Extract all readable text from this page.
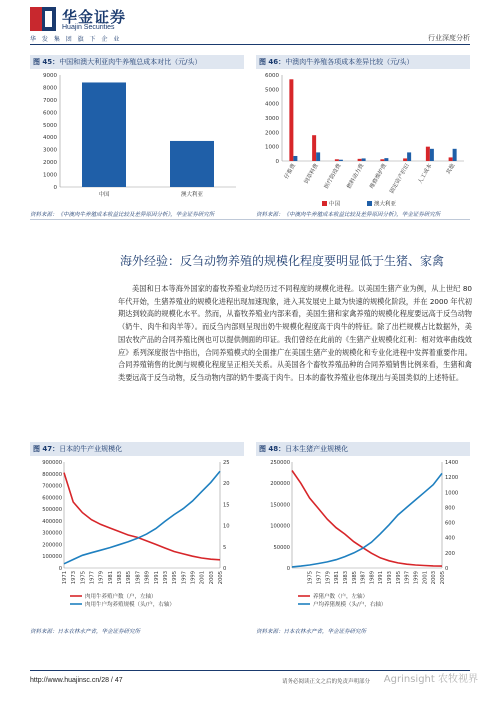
华金证券
Huajin Securities
华 发 集 团 旗 下 企 业	行业深度分析
图 45：中国和澳大利亚肉牛养殖总成本对比（元/头）
0
1000
2000
3000
4000
5000
6000
7000
8000
9000
中国	澳大利亚
资料来源：《中澳肉牛养殖成本收益比较及差异原因分析》，华金证券研究所
图 46：中澳肉牛养殖各项成本差异比较（元/头）
0
1000
2000
3000
4000
5000
6000
仔畜费	饲草料费 医疗防疫费 燃料动力费 维修维护费 固定资产折旧	人工成本	其他
中国	澳大利亚
资料来源：《中澳肉牛养殖成本收益比较及差异原因分析》，华金证券研究所
海外经验：反刍动物养殖的规模化程度要明显低于生猪、家禽
美国和日本等海外国家的畜牧养殖业均经历过不同程度的规模化进程。以美国生猪产业为例，从上世纪 80 年代开始，生猪养殖业的规模化进程出现加速现象，进入其发展史上最为快速的规模化阶段，并在 2000 年代初期达到较高的规模化水平。然而，从畜牧养殖业内部来看，美国生猪和家禽养殖的规模化程度要远高于反刍动物（奶牛、肉牛和肉羊等）。而反刍内部则呈现出奶牛规模化程度高于肉牛的特征。除了出栏规模占比数据外，美国农牧产品的合同养殖比例也可以提供侧面的印证。我们曾经在此前的《生猪产业规模化红利：相对效率曲线效应》系列深度报告中指出，合同养殖模式的全面推广在美国生猪产业的规模化和专业化进程中发挥着重要作用。合同养殖销售的比例与规模化程度呈正相关关系。从美国各个畜牧养殖品种的合同养殖销售比例来看，生猪和禽类要远高于反刍动物，反刍动物内部的奶牛要高于肉牛。日本的畜牧养殖业也体现出与美国类似的上述特征。
图 47：日本的牛产业规模化
0
100000
200000
300000
400000
500000
600000
700000
800000
900000
0
5
10
15
20
25
1971 1973 1975 1977 1979 1981 1983 1985 1987 1989 1991 1993 1995 1997 1999 2001 2003 2005
肉用牛养殖户数（户，左轴）
肉用牛户均养殖规模（头/户，右轴）
资料来源：日本农林水产省，华金证券研究所
图 48：日本生猪产业规模化
0
50000
100000
150000
200000
250000
0
200
400
600
800
1000
1200
1400
1975 1977 1979 1981 1983 1985 1987 1989 1991 1993 1995 1997 1999 2001 2003 2005
养猪户数（户，左轴）
户均养猪规模（头/户，右轴）
资料来源：日本农林水产省，华金证券研究所
http://www.huajinsc.cn/28 / 47	请务必阅读正文之后的免责声明部分 Agrinsight 农牧视界
